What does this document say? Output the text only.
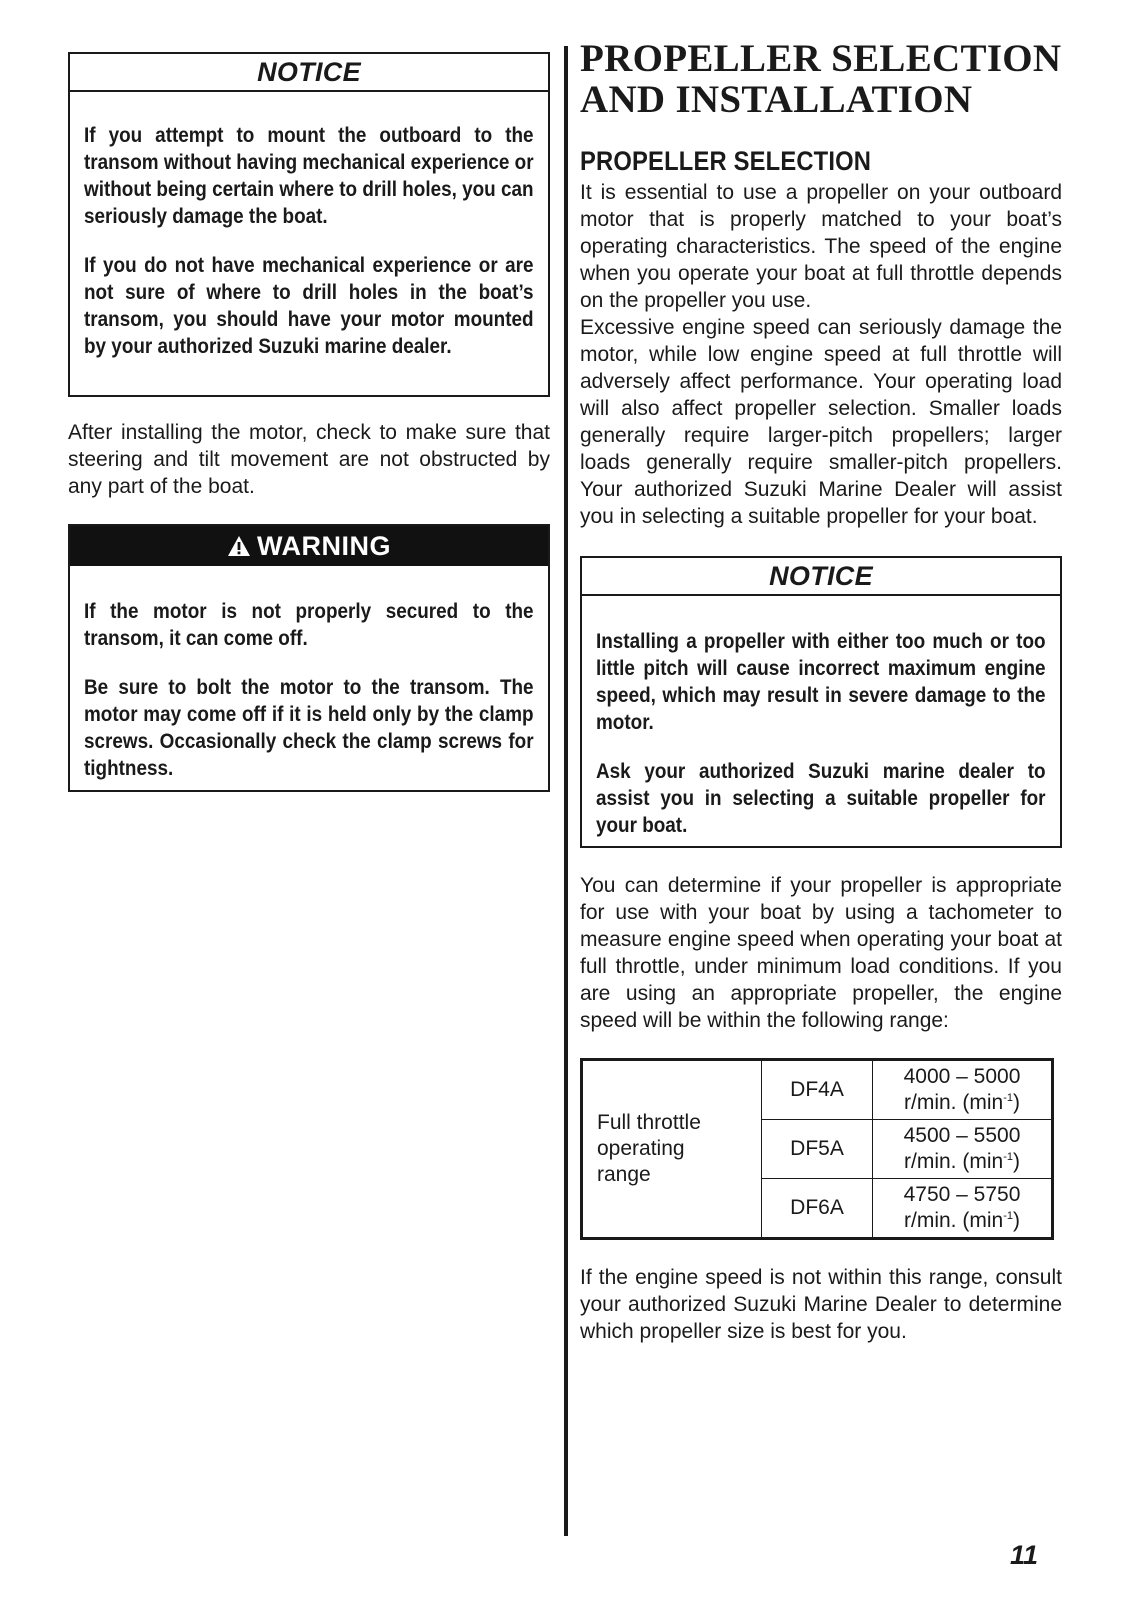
NOTICE

If you attempt to mount the outboard to the transom without having mechanical experience or without being certain where to drill holes, you can seriously damage the boat.

If you do not have mechanical experience or are not sure of where to drill holes in the boat’s transom, you should have your motor mounted by your authorized Suzuki marine dealer.

After installing the motor, check to make sure that steering and tilt movement are not obstructed by any part of the boat.

WARNING

If the motor is not properly secured to the transom, it can come off.

Be sure to bolt the motor to the transom. The motor may come off if it is held only by the clamp screws. Occasionally check the clamp screws for tightness.

PROPELLER SELECTION
AND INSTALLATION
PROPELLER SELECTION

It is essential to use a propeller on your outboard motor that is properly matched to your boat’s operating characteristics. The speed of the engine when you operate your boat at full throttle depends on the propeller you use.

Excessive engine speed can seriously damage the motor, while low engine speed at full throttle will adversely affect performance. Your operating load will also affect propeller selection. Smaller loads generally require larger-pitch propellers; larger loads generally require smaller-pitch propellers. Your authorized Suzuki Marine Dealer will assist you in selecting a suitable propeller for your boat.

NOTICE

Installing a propeller with either too much or too little pitch will cause incorrect maximum engine speed, which may result in severe damage to the motor.

Ask your authorized Suzuki marine dealer to assist you in selecting a suitable propeller for your boat.

You can determine if your propeller is appropriate for use with your boat by using a tachometer to measure engine speed when operating your boat at full throttle, under minimum load conditions. If you are using an appropriate propeller, the engine speed will be within the following range:

Full throttle operating range	DF4A	4000 – 5000
r/min. $(\min^{-1})$
	DF5A	4500 – 5500
r/min. $(\min^{-1})$
	DF6A	4750 – 5750
r/min. $(\min^{-1})$

If the engine speed is not within this range, consult your authorized Suzuki Marine Dealer to determine which propeller size is best for you.

11
